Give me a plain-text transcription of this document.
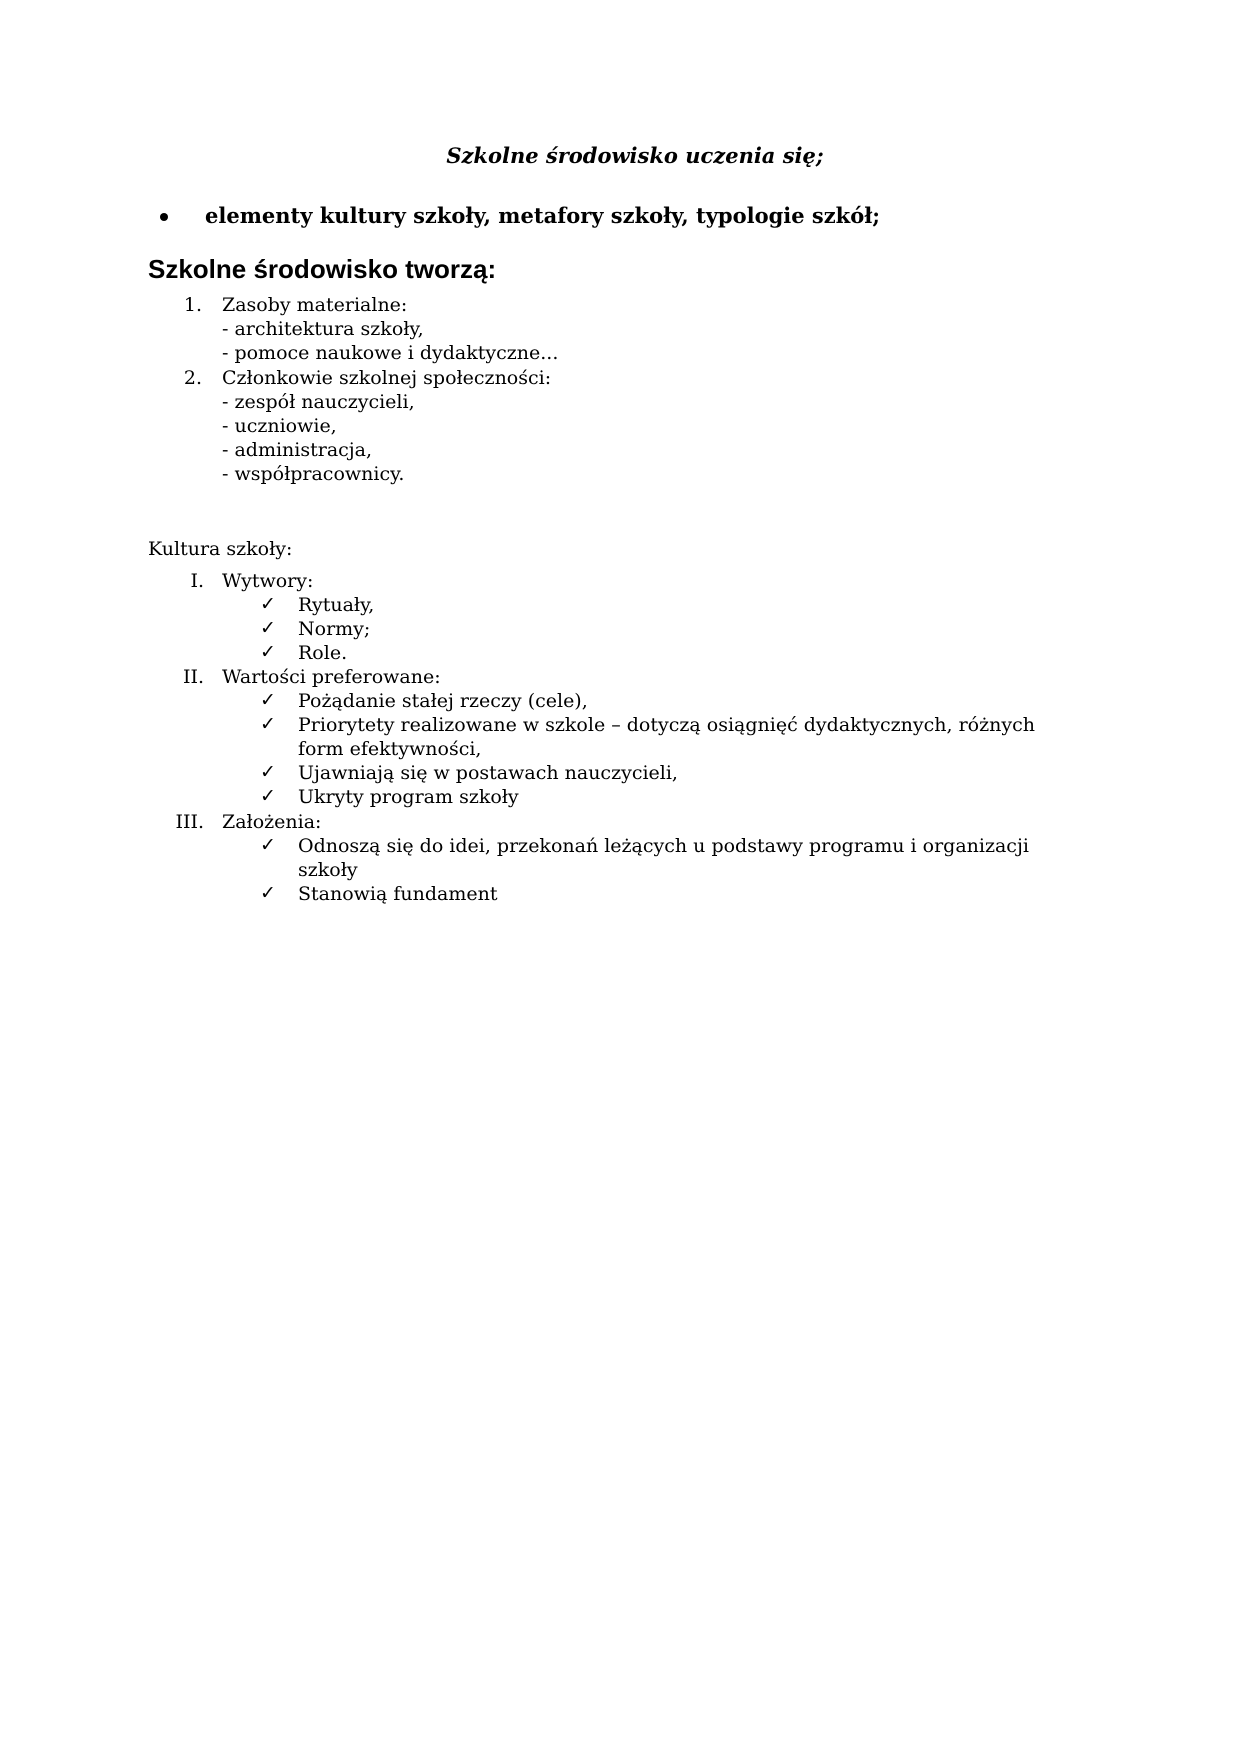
Szkolne środowisko uczenia się;
elementy kultury szkoły, metafory szkoły, typologie szkół;
Szkolne środowisko tworzą:
1. Zasoby materialne:
- architektura szkoły,
- pomoce naukowe i dydaktyczne...
2. Członkowie szkolnej społeczności:
- zespół nauczycieli,
- uczniowie,
- administracja,
- współpracownicy.
Kultura szkoły:
I. Wytwory:
✓ Rytuały,
✓ Normy;
✓ Role.
II. Wartości preferowane:
✓ Pożądanie stałej rzeczy (cele),
✓ Priorytety realizowane w szkole – dotyczą osiągnięć dydaktycznych, różnych
form efektywności,
✓ Ujawniają się w postawach nauczycieli,
✓ Ukryty program szkoły
III. Założenia:
✓ Odnoszą się do idei, przekonań leżących u podstawy programu i organizacji
szkoły
✓ Stanowią fundament
